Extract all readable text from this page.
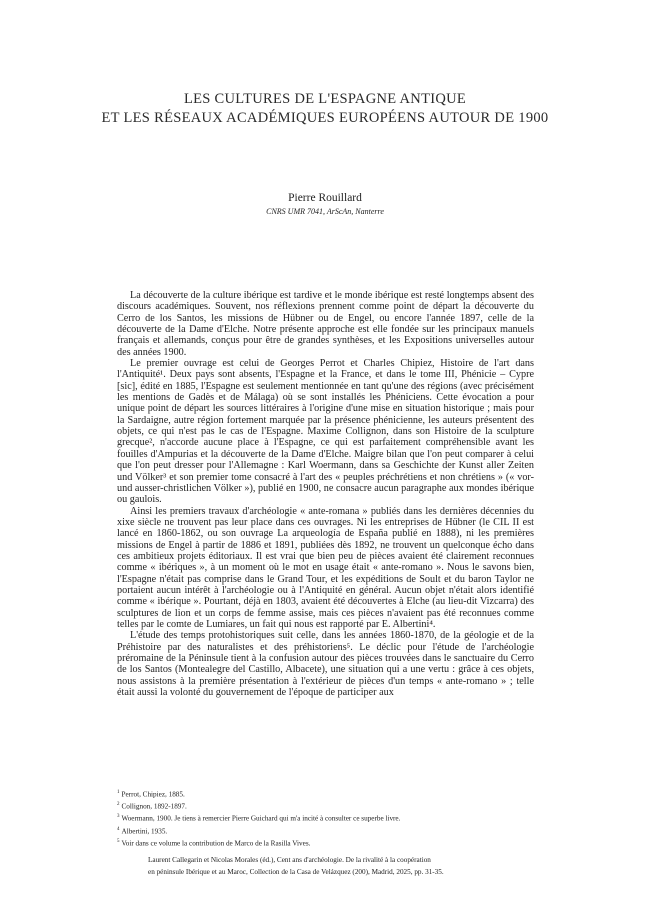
LES CULTURES DE L'ESPAGNE ANTIQUE
ET LES RÉSEAUX ACADÉMIQUES EUROPÉENS AUTOUR DE 1900
Pierre Rouillard
CNRS UMR 7041, ArScAn, Nanterre

La découverte de la culture ibérique est tardive et le monde ibérique est resté longtemps absent des discours académiques. Souvent, nos réflexions prennent comme point de départ la découverte du Cerro de los Santos, les missions de Hübner ou de Engel, ou encore l'année 1897, celle de la découverte de la Dame d'Elche. Notre présente approche est elle fondée sur les principaux manuels français et allemands, conçus pour être de grandes synthèses, et les Expositions universelles autour des années 1900.

Le premier ouvrage est celui de Georges Perrot et Charles Chipiez, Histoire de l'art dans l'Antiquité¹. Deux pays sont absents, l'Espagne et la France, et dans le tome III, Phénicie – Cypre [sic], édité en 1885, l'Espagne est seulement mentionnée en tant qu'une des régions (avec précisément les mentions de Gadès et de Málaga) où se sont installés les Phéniciens. Cette évocation a pour unique point de départ les sources littéraires à l'origine d'une mise en situation historique ; mais pour la Sardaigne, autre région fortement marquée par la présence phénicienne, les auteurs présentent des objets, ce qui n'est pas le cas de l'Espagne. Maxime Collignon, dans son Histoire de la sculpture grecque², n'accorde aucune place à l'Espagne, ce qui est parfaitement compréhensible avant les fouilles d'Ampurias et la découverte de la Dame d'Elche. Maigre bilan que l'on peut comparer à celui que l'on peut dresser pour l'Allemagne : Karl Woermann, dans sa Geschichte der Kunst aller Zeiten und Völker³ et son premier tome consacré à l'art des « peuples préchrétiens et non chrétiens » (« vor-und ausser-christlichen Völker »), publié en 1900, ne consacre aucun paragraphe aux mondes ibérique ou gaulois.

Ainsi les premiers travaux d'archéologie « ante-romana » publiés dans les dernières décennies du xixe siècle ne trouvent pas leur place dans ces ouvrages. Ni les entreprises de Hübner (le CIL II est lancé en 1860-1862, ou son ouvrage La arqueología de España publié en 1888), ni les premières missions de Engel à partir de 1886 et 1891, publiées dès 1892, ne trouvent un quelconque écho dans ces ambitieux projets éditoriaux. Il est vrai que bien peu de pièces avaient été clairement reconnues comme « ibériques », à un moment où le mot en usage était « ante-romano ». Nous le savons bien, l'Espagne n'était pas comprise dans le Grand Tour, et les expéditions de Soult et du baron Taylor ne portaient aucun intérêt à l'archéologie ou à l'Antiquité en général. Aucun objet n'était alors identifié comme « ibérique ». Pourtant, déjà en 1803, avaient été découvertes à Elche (au lieu-dit Vizcarra) des sculptures de lion et un corps de femme assise, mais ces pièces n'avaient pas été reconnues comme telles par le comte de Lumiares, un fait qui nous est rapporté par E. Albertini⁴.

L'étude des temps protohistoriques suit celle, dans les années 1860-1870, de la géologie et de la Préhistoire par des naturalistes et des préhistoriens⁵. Le déclic pour l'étude de l'archéologie préromaine de la Péninsule tient à la confusion autour des pièces trouvées dans le sanctuaire du Cerro de los Santos (Montealegre del Castillo, Albacete), une situation qui a une vertu : grâce à ces objets, nous assistons à la première présentation à l'extérieur de pièces d'un temps « ante-romano » ; telle était aussi la volonté du gouvernement de l'époque de participer aux

$^1$ Perrot, Chipiez, 1885.
$^2$ Collignon, 1892-1897.
$^3$ Woermann, 1900. Je tiens à remercier Pierre Guichard qui m'a incité à consulter ce superbe livre.
$^4$ Albertini, 1935.
$^5$ Voir dans ce volume la contribution de Marco de la Rasilla Vives.
Laurent Callegarin et Nicolas Morales (éd.), Cent ans d'archéologie. De la rivalité à la coopération
en péninsule Ibérique et au Maroc, Collection de la Casa de Velázquez (200), Madrid, 2025, pp. 31-35.
